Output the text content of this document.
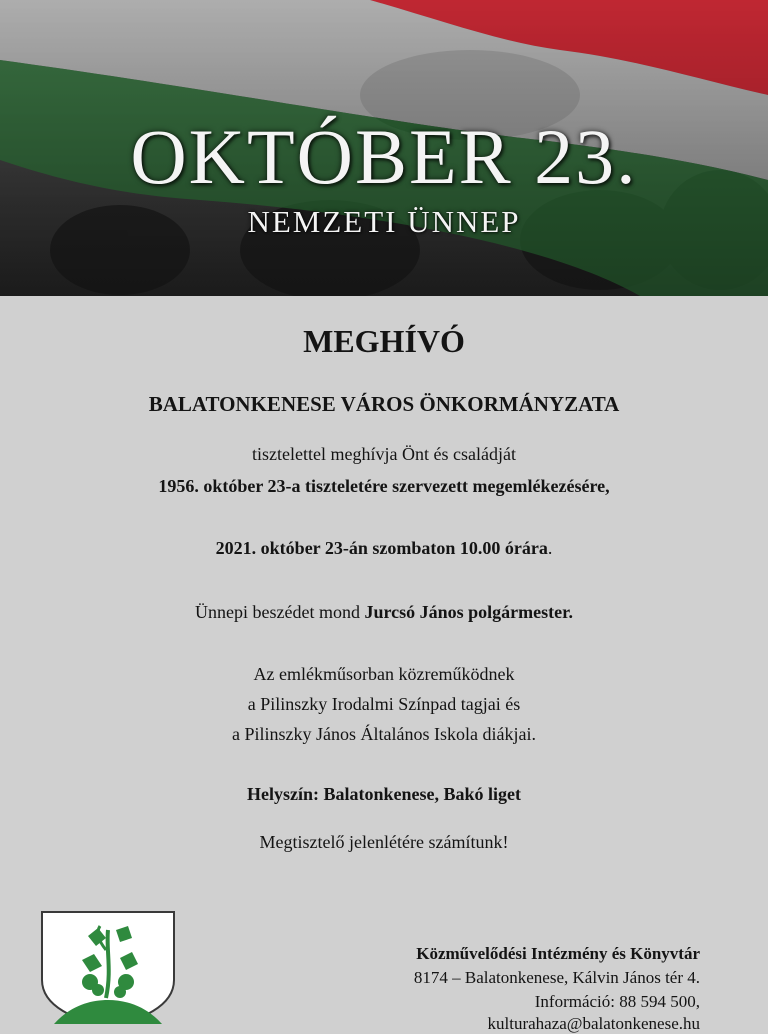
OKTÓBER 23.
NEMZETI ÜNNEP
MEGHÍVÓ
BALATONKENESE VÁROS ÖNKORMÁNYZATA
tisztelettel meghívja Önt és családját
1956. október 23-a tiszteletére szervezett megemlékezésére,
2021. október 23-án szombaton 10.00 órára.
Ünnepi beszédet mond Jurcsó János polgármester.
Az emlékműsorban közreműködnek
a Pilinszky Irodalmi Színpad tagjai és
a Pilinszky János Általános Iskola diákjai.
Helyszín: Balatonkenese, Bakó liget
Megtisztelő jelenlétére számítunk!
Közművelődési Intézmény és Könyvtár
8174 – Balatonkenese, Kálvin János tér 4.
Információ: 88 594 500,
kulturahaza@balatonkenese.hu
